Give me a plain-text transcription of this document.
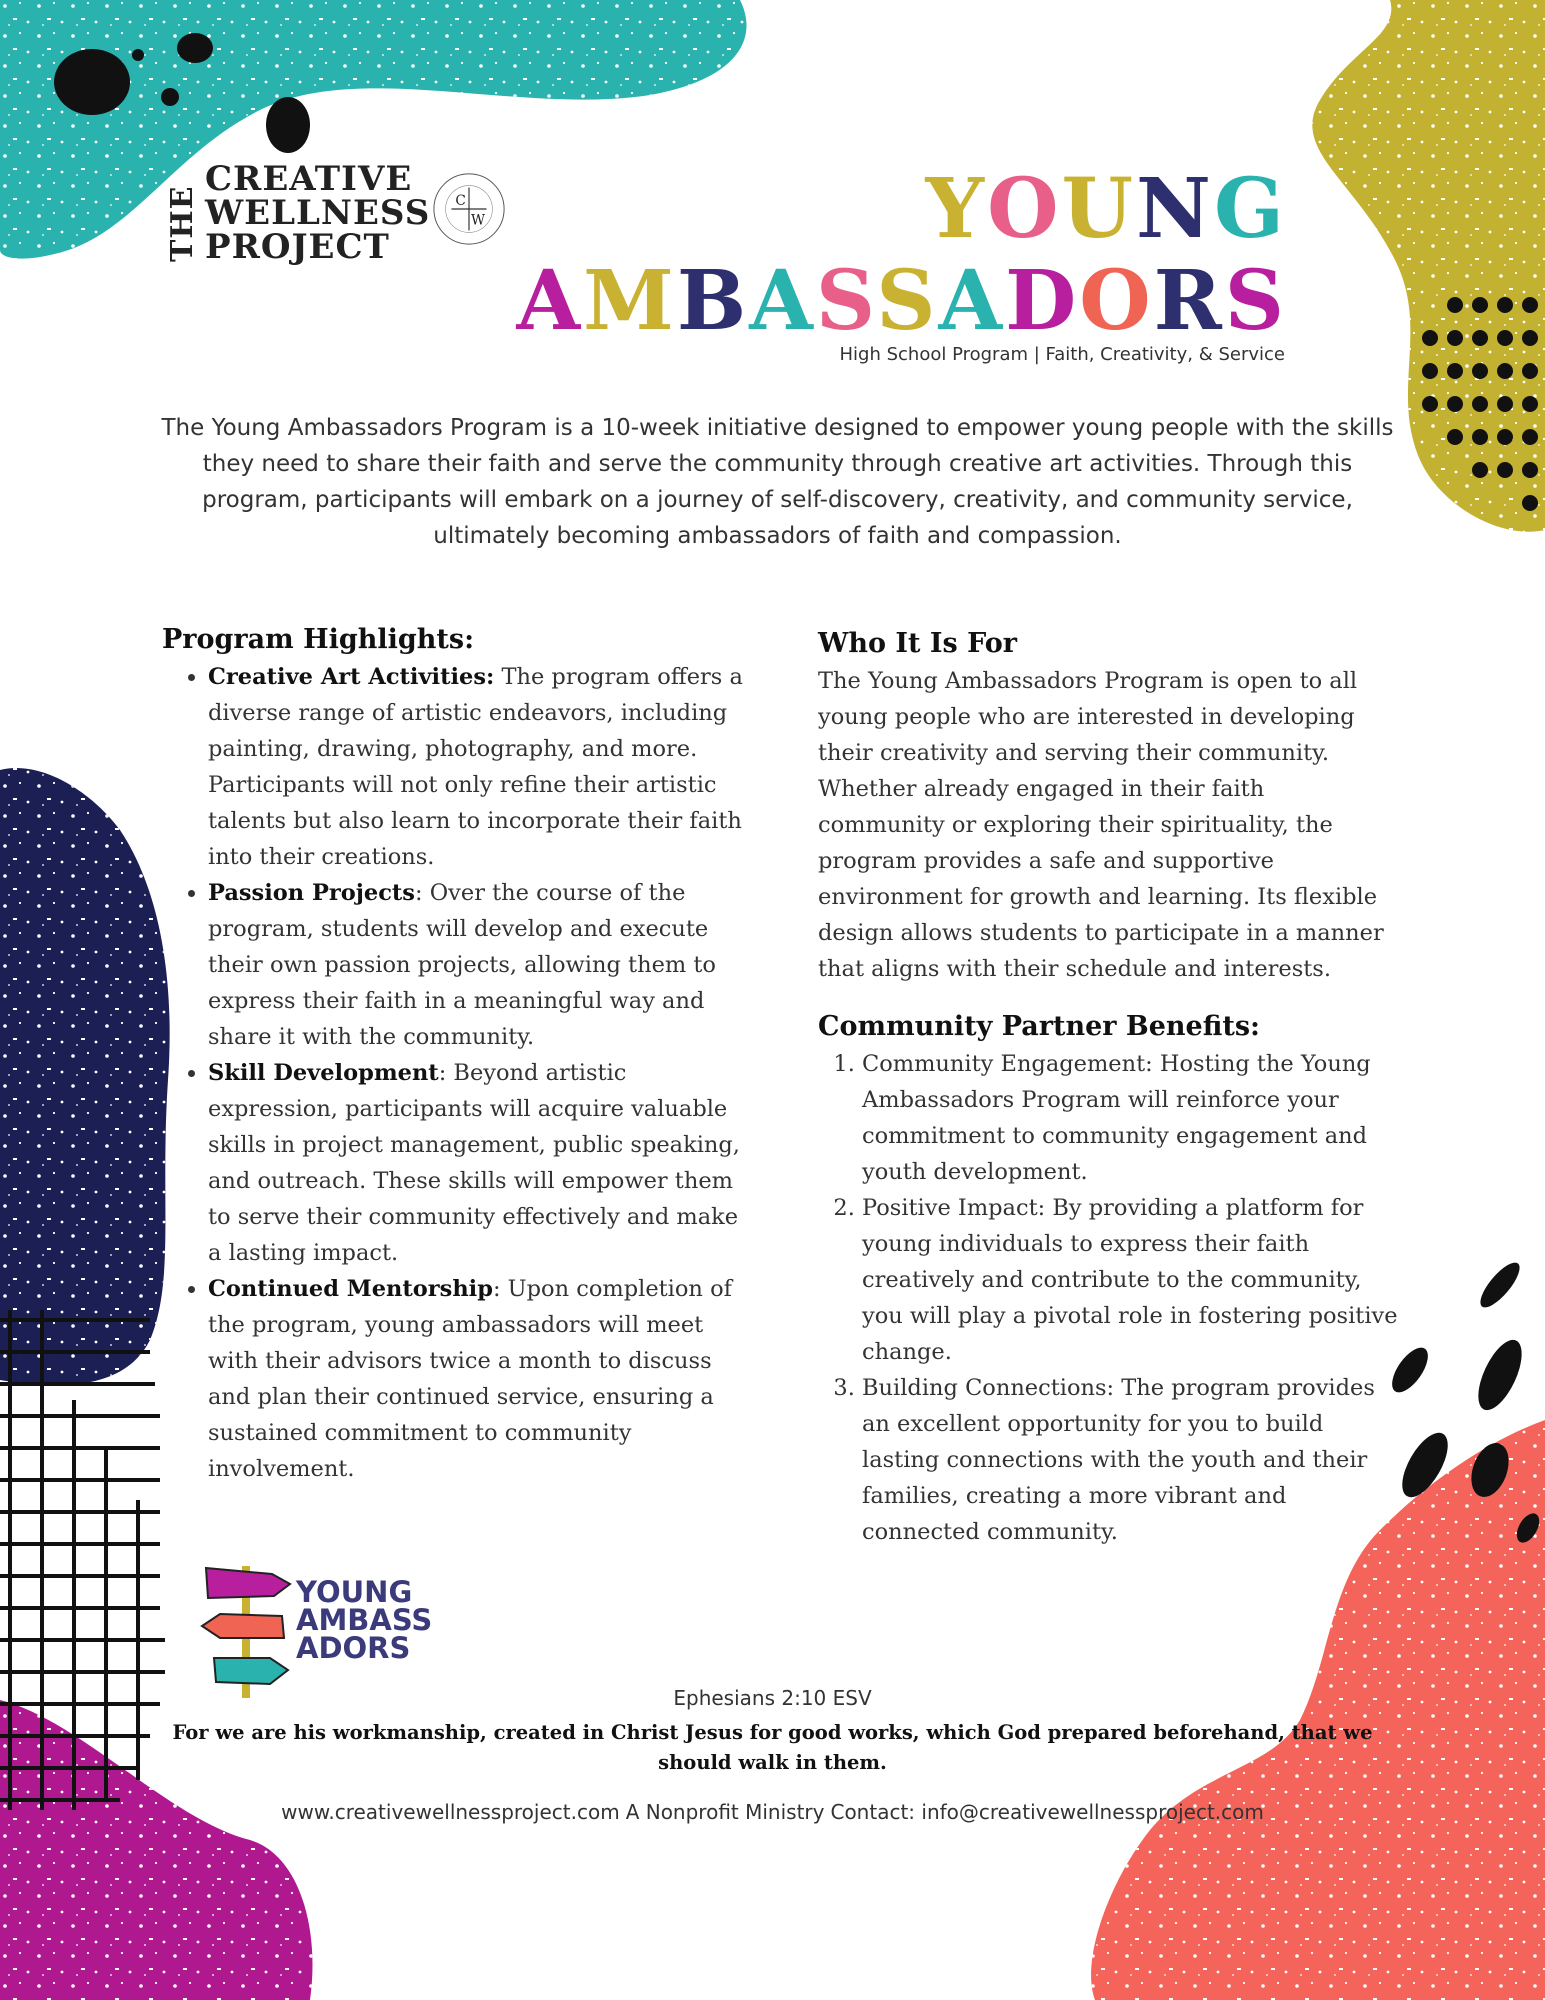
THE
CREATIVE
WELLNESS
PROJECT
C
W	YOUNG
AMBASSADORS
High School Program | Faith, Creativity, & Service
The Young Ambassadors Program is a 10-week initiative designed to empower young people with the skills they need to share their faith and serve the community through creative art activities. Through this program, participants will embark on a journey of self-discovery, creativity, and community service, ultimately becoming ambassadors of faith and compassion.
Program Highlights:
• Creative Art Activities: The program offers a diverse range of artistic endeavors, including painting, drawing, photography, and more. Participants will not only refine their artistic talents but also learn to incorporate their faith into their creations.
• Passion Projects: Over the course of the program, students will develop and execute their own passion projects, allowing them to express their faith in a meaningful way and share it with the community.
• Skill Development: Beyond artistic expression, participants will acquire valuable skills in project management, public speaking, and outreach. These skills will empower them to serve their community effectively and make a lasting impact.
• Continued Mentorship: Upon completion of the program, young ambassadors will meet with their advisors twice a month to discuss and plan their continued service, ensuring a sustained commitment to community involvement.
Who It Is For

The Young Ambassadors Program is open to all young people who are interested in developing their creativity and serving their community. Whether already engaged in their faith community or exploring their spirituality, the program provides a safe and supportive environment for growth and learning. Its flexible design allows students to participate in a manner that aligns with their schedule and interests.

Community Partner Benefits:
1. Community Engagement: Hosting the Young Ambassadors Program will reinforce your commitment to community engagement and youth development.
2. Positive Impact: By providing a platform for young individuals to express their faith creatively and contribute to the community, you will play a pivotal role in fostering positive change.
3. Building Connections: The program provides an excellent opportunity for you to build lasting connections with the youth and their families, creating a more vibrant and connected community.
YOUNG
AMBASS
ADORS
Ephesians 2:10 ESV
For we are his workmanship, created in Christ Jesus for good works, which God prepared beforehand, that we should walk in them.
www.creativewellnessproject.com A Nonprofit Ministry Contact: info@creativewellnessproject.com
